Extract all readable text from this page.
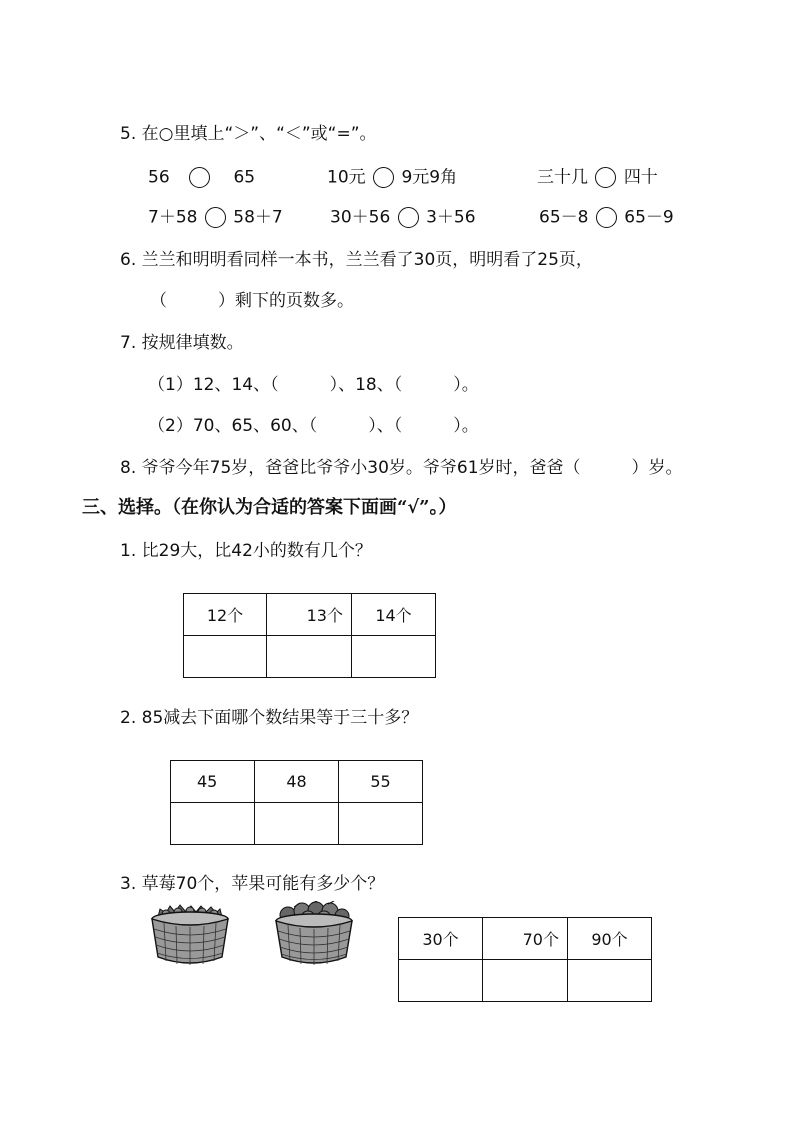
5. 在○里填上“＞”、“＜”或“=”。
56	65	10元 9元9角	三十几 四十
7＋58 58＋7	30＋56 3＋56	65－8 65－9
6. 兰兰和明明看同样一本书，兰兰看了30页，明明看了25页，
（　　　）剩下的页数多。
7. 按规律填数。
（1）12、14、（　　　）、18、（　　　）。
（2）70、65、60、（　　　）、（　　　）。
8. 爷爷今年75岁，爸爸比爷爷小30岁。爷爷61岁时，爸爸（　　　）岁。
三、选择。（在你认为合适的答案下面画“√”。）
1. 比29大，比42小的数有几个？
12个	13个	14个

2. 85减去下面哪个数结果等于三十多？
45	48	55

3. 草莓70个，苹果可能有多少个？
30个	70个	90个
